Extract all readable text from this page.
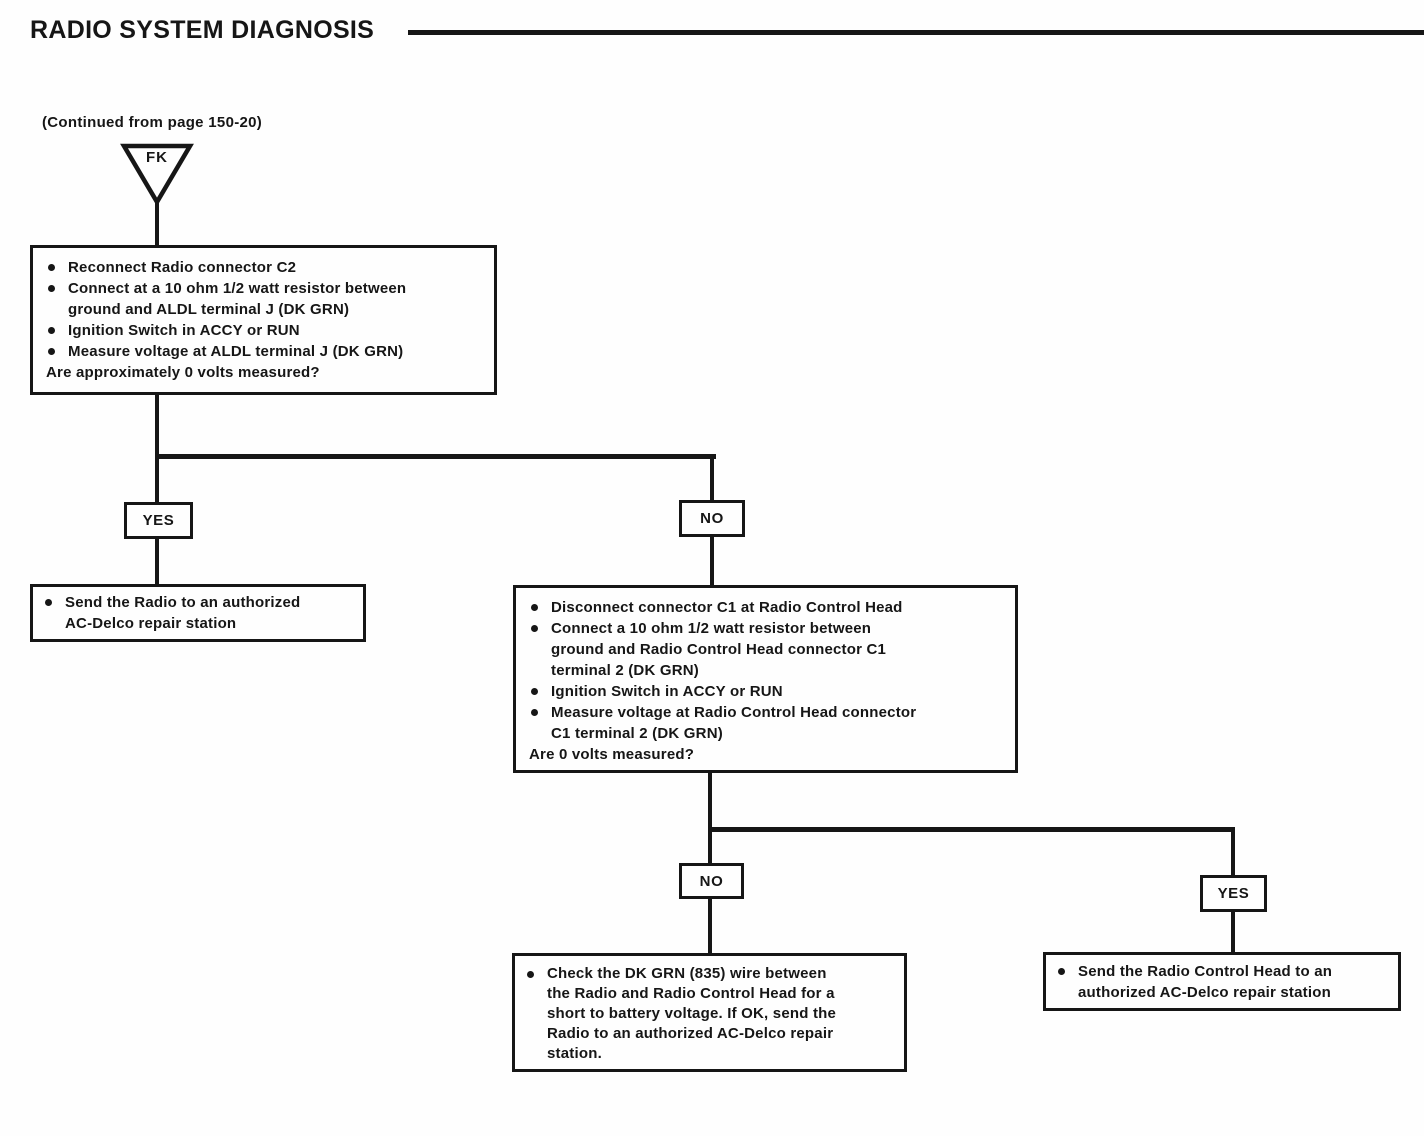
RADIO SYSTEM DIAGNOSIS
(Continued from page 150-20)
FK
Reconnect Radio connector C2
Connect at a 10 ohm 1/2 watt resistor between ground and ALDL terminal J (DK GRN)
Ignition Switch in ACCY or RUN
Measure voltage at ALDL terminal J (DK GRN)
Are approximately 0 volts measured?
YES	NO
Send the Radio to an authorized AC-Delco repair station
Disconnect connector C1 at Radio Control Head
Connect a 10 ohm 1/2 watt resistor between ground and Radio Control Head connector C1 terminal 2 (DK GRN)
Ignition Switch in ACCY or RUN
Measure voltage at Radio Control Head connector C1 terminal 2 (DK GRN)
Are 0 volts measured?
NO
YES
Check the DK GRN (835) wire between the Radio and Radio Control Head for a short to battery voltage. If OK, send the Radio to an authorized AC-Delco repair station.
Send the Radio Control Head to an authorized AC-Delco repair station
